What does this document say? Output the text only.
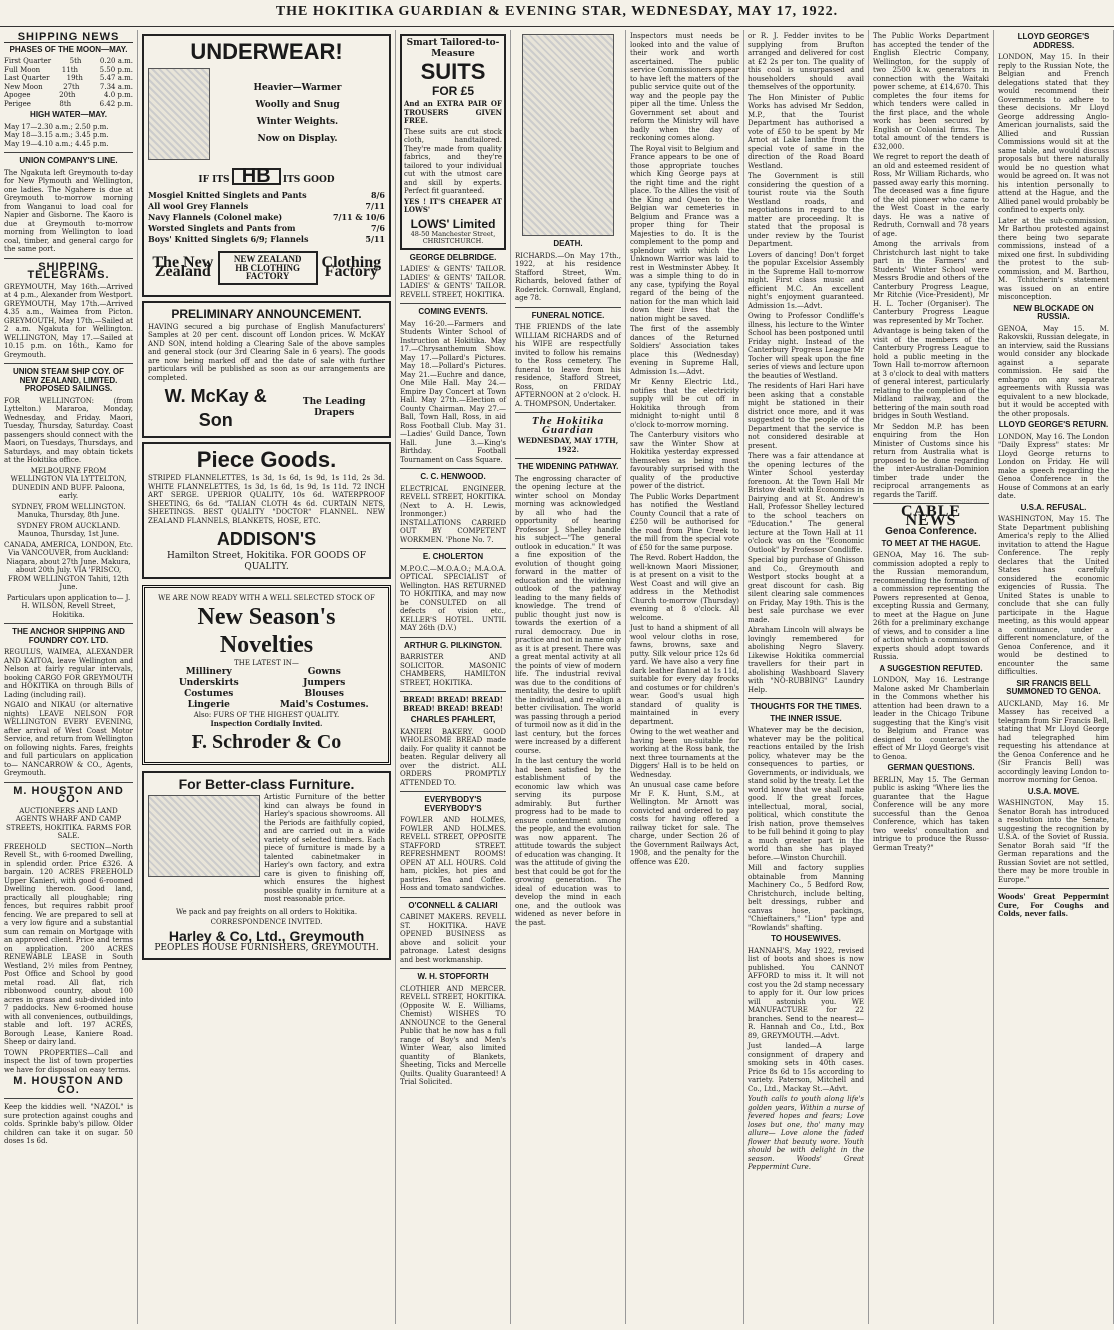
THE HOKITIKA GUARDIAN & EVENING STAR, WEDNESDAY, MAY 17, 1922.
SHIPPING NEWS
PHASES OF THE MOON—MAY.
First Quarter	5th	0.20 a.m.
Full Moon	11th	5.50 p.m.
Last Quarter 19th 5.47 a.m.
New Moon	27th	7.34 a.m.
Apogee	20th	4.0 p.m.
Perigee	8th	6.42 p.m.
HIGH WATER—MAY.
May 17—2.30 a.m.; 2.50 p.m.
May 18—3.15 a.m.; 3.45 p.m.
May 19—4.10 a.m.; 4.45 p.m.
UNION COMPANY'S LINE.

The Ngakuta left Greymouth to-day for New Plymouth and Wellington, one ladies. The Ngahere is due at Greymouth to-morrow morning from Wanganui to load coal for Napier and Gisborne. The Kaoro is due at Greymouth to-morrow morning from Wellington to load coal, timber, and general cargo for the same port.

SHIPPING TELEGRAMS.

GREYMOUTH, May 16th.—Arrived at 4 p.m., Alexander from Westport. GREYMOUTH, May 17th.—Arrived 4.35 a.m., Waimea from Picton. GREYMOUTH, May 17th.—Sailed at 2 a.m. Ngakuta for Wellington. WELLINGTON, May 17.—Sailed at 10.15 p.m. on 16th., Kamo for Greymouth.

UNION STEAM SHIP COY. OF NEW ZEALAND, LIMITED. PROPOSED SAILINGS.

FOR WELLINGTON: (from Lyttelton.) Mararoa, Monday, Wednesday, and Friday. Maori, Tuesday, Thursday, Saturday. Coast passengers should connect with the Maori, on Tuesdays, Thursdays, and Saturdays, and may obtain tickets at the Hokitika office.

MELBOURNE FROM WELLINGTON VIA LYTTELTON, DUNEDIN AND BUFF. Paloona, early.

SYDNEY, FROM WELLINGTON. Manuka, Thursday, 8th June.

SYDNEY FROM AUCKLAND. Maunoa, Thursday, 1st June.

CANADA, AMERICA, LONDON, Etc. Via VANCOUVER, from Auckland: Niagara, about 27th June. Makura, about 20th July. VIA 'FRISCO, FROM WELLINGTON Tahiti, 12th June.

Particulars upon application to— J. H. WILSON, Revell Street, Hokitika.

THE ANCHOR SHIPPING AND FOUNDRY COY. LTD.

REGULUS, WAIMEA, ALEXANDER AND KAITOA, leave Wellington and Nelson at fairly regular intervals, booking CARGO FOR GREYMOUTH and HOKITIKA on through Bills of Lading (including rail).

NGAIO and NIKAU (or alternative nights) LEAVE NELSON FOR WELLINGTON EVERY EVENING, after arrival of West Coast Motor Service, and return from Wellington on following nights. Fares, freights and full particulars on application to— NANCARROW & CO., Agents, Greymouth.

M. HOUSTON AND CO.

AUCTIONEERS AND LAND AGENTS WHARF AND CAMP STREETS, HOKITIKA. FARMS FOR SALE.

FREEHOLD SECTION—North Revell St., with 6-roomed Dwelling, in splendid order. Price £326. A bargain. 120 ACRES FREEHOLD Upper Kanieri, with good 6-roomed Dwelling thereon. Good land, practically all ploughable; ring fences, but requires rabbit proof fencing. We are prepared to sell at a very low figure and a substantial sum can remain on Mortgage with an approved client. Price and terms on application. 200 ACRES RENEWABLE LEASE in South Westland, 2½ miles from Pentney, Post Office and School by good metal road. All flat, rich ribbonwood country, about 100 acres in grass and sub-divided into 7 paddocks. New 6-roomed house with all conveniences, outbuildings, stable and loft. 197 ACRES, Borough Lease, Kaniere Road. Sheep or dairy land.

TOWN PROPERTIES—Call and inspect the list of town properties we have for disposal on easy terms.

M. HOUSTON AND CO.

Keep the kiddies well. "NAZOL" is sure protection against coughs and colds. Sprinkle baby's pillow. Older children can take it on sugar. 50 doses 1s 6d.

UNDERWEAR!
Heavier—Warmer
Woolly and Snug
Winter Weights.
Now on Display.
IF ITS HB ITS GOOD
Mosgiel Knitted Singlets and Pants	8/6
All wool Grey Flannels	7/11
Navy Flannels (Colonel make)	7/11 & 10/6
Worsted Singlets and Pants from	7/6
Boys' Knitted Singlets 6/9; Flannels	5/11
The New Zealand
NEW ZEALAND HB CLOTHING FACTORY
Clothing Factory
PRELIMINARY ANNOUNCEMENT.

HAVING secured a big purchase of English Manufacturers' Samples at 20 per cent. discount off London prices. W. McKAY AND SON, intend holding a Clearing Sale of the above samples and general stock (our 3rd Clearing Sale in 6 years). The goods are now being marked off and the date of sale with further particulars will be published as soon as our arrangements are completed.

W. McKay & Son
The Leading Drapers
Piece Goods.

STRIPED FLANNELETTES, 1s 3d, 1s 6d, 1s 9d, 1s 11d, 2s 3d. WHITE FLANNELETTES, 1s 3d, 1s 6d, 1s 9d, 1s 11d. 72 INCH ART SERGE. UPERIOR QUALITY, 10s 6d. WATERPROOF SHEETING, 6s 6d. "TALIAN CLOTH 4s 6d. CURTAIN NETS, SHEETINGS. BEST QUALITY "DOCTOR" FLANNEL. NEW ZEALAND FLANNELS, BLANKETS, HOSE, ETC.

ADDISON'S
Hamilton Street, Hokitika. FOR GOODS OF QUALITY.
WE ARE NOW READY WITH A WELL SELECTED STOCK OF
New Season's Novelties
THE LATEST IN—
Millinery	Gowns
Underskirts	Jumpers
Costumes	Blouses
Lingerie	Maid's Costumes.
Also: FURS OF THE HIGHEST QUALITY.
Inspection Cordially Invited.
F. Schroder & Co
For Better-class Furniture.

Artistic Furniture of the better kind can always be found in Harley's spacious showrooms. All the Periods are faithfully copied, and are carried out in a wide variety of selected timbers. Each piece of furniture is made by a talented cabinetmaker in Harley's own factory, and extra care is given to finishing off, which ensures the highest possible quality in furniture at a most reasonable price.

We pack and pay freights on all orders to Hokitika.

CORRESPONDENCE INVITED.

Harley & Co, Ltd., Greymouth
PEOPLES HOUSE FURNISHERS, GREYMOUTH.
Smart Tailored-to-Measure
SUITS
FOR £5

And an EXTRA PAIR OF TROUSERS GIVEN FREE.

These suits are cut stock cloth, handtailored. They're made from quality fabrics, and they're tailored to your individual cut with the utmost care and skill by experts. Perfect fit guaranteed.

YES ! IT'S CHEAPER AT LOWS'

LOWS' Limited
48-50 Manchester Street, CHRISTCHURCH.
GEORGE DELBRIDGE.

LADIES' & GENTS' TAILOR. LADIES' & GENTS' TAILOR. LADIES' & GENTS' TAILOR. REVELL STREET, HOKITIKA.

COMING EVENTS.

May 16-20.—Farmers and Students Winter School of Instruction at Hokitika. May 17.—Chrysanthemum Show. May 17.—Pollard's Pictures. May 18.—Pollard's Pictures. May 21.—Euchre and dance, One Mile Hall. May 24.—Empire Day Concert at Town Hall. May 27th.—Election of County Chairman. May 27.—Ball, Town Hall, Ross, in aid Ross Football Club. May 31.—Ladies' Guild Dance, Town Hall. June 3.—King's Birthday. Football Tournament on Cass Square.

C. C. HENWOOD.

ELECTRICAL ENGINEER. REVELL STREET, HOKITIKA. (Next to A. H. Lewis, Ironmonger.) INSTALLATIONS CARRIED OUT BY COMPETENT WORKMEN. 'Phone No. 7.

E. CHOLERTON

M.P.O.C.—M.O.A.O.; M.A.O.A. OPTICAL SPECIALIST of Wellington. HAS RETURNED TO HOKITIKA, and may now be CONSULTED on all defects of vision etc., KELLER'S HOTEL. UNTIL MAY 26th (D.V.)

ARTHUR G. PILKINGTON.

BARRISTER AND SOLICITOR. MASONIC CHAMBERS, HAMILTON STREET, HOKITIKA.

BREAD! BREAD! BREAD! BREAD! BREAD! BREAD!

CHARLES PFAHLERT,

KANIERI BAKERY. GOOD WHOLESOME BREAD made daily. For quality it cannot be beaten. Regular delivery all over the district. ALL ORDERS PROMPTLY ATTENDED TO.

EVERYBODY'S EVERYBODY'S

FOWLER AND HOLMES, FOWLER AND HOLMES. REVELL STREET, OPPOSITE STAFFORD STREET. REFRESHMENT ROOMS! OPEN AT ALL HOURS. Cold ham, pickles, hot pies and pastries. Tea and Coffee. Hoss and tomato sandwiches.

O'CONNELL & CALIARI

CABINET MAKERS. REVELL ST. HOKITIKA. HAVE OPENED BUSINESS as above and solicit your patronage. Latest designs and best workmanship.

W. H. STOPFORTH

CLOTHIER AND MERCER. REVELL STREET, HOKITIKA. (Opposite W. E. Williams, Chemist) WISHES TO ANNOUNCE to the General Public that he now has a full range of Boy's and Men's Winter Wear, also limited quantity of Blankets, Sheeting, Ticks and Mercelle Quilts. Quality Guaranteed! A Trial Solicited.

DEATH.

RICHARDS.—On May 17th., 1922, at his residence Stafford Street, Wm. Richards, beloved father of Roderick. Cornwall, England, age 78.

FUNERAL NOTICE.

THE FRIENDS of the late WILLIAM RICHARDS and of his WIFE are respectfully invited to follow his remains to the Ross cemetery. The funeral to leave from his residence, Stafford Street, Ross, on FRIDAY AFTERNOON at 2 o'clock. H. A. THOMPSON, Undertaker.

The Hokitika Guardian

WEDNESDAY, MAY 17TH, 1922.

THE WIDENING PATHWAY.

The engrossing character of the opening lecture at the winter school on Monday morning was acknowledged by all who had the opportunity of hearing Professor J. Shelley handle his subject—"The general outlook in education." It was a fine exposition of the evolution of thought going forward in the matter of education and the widening outlook of the pathway leading to the many fields of knowledge. The trend of public thought just now is towards the exertion of a rural democracy. Due in practice and not in name only as it is at present. There was a great mental activity at all the points of view of modern life. The industrial revival was due to the conditions of mentality, the desire to uplift the individual, and re-align a better civilisation. The world was passing through a period of turmoil now as it did in the last century, but the forces were increased by a different course.

In the last century the world had been satisfied by the establishment of the economic law which was serving its purpose admirably. But further progress had to be made to ensure contentment among the people, and the evolution was now apparent. The attitude towards the subject of education was changing. It was the attitude of giving the best that could be got for the growing generation. The ideal of education was to develop the mind in each one, and the outlook was widened as never before in the past.

Inspectors must needs be looked into and the value of their work and worth ascertained. The public service Commissioners appear to have left the matters of the public service quite out of the way and the people pay the piper all the time. Unless the Government set about and reform the Ministry will have badly when the day of reckoning comes along.

The Royal visit to Belgium and France appears to be one of those appropriate touches which King George pays at the right time and the right place. To the Allies the visit of the King and Queen to the Belgian war cemeteries in Belgium and France was a proper thing for Their Majesties to do. It is the complement to the pomp and splendour with which the Unknown Warrior was laid to rest in Westminster Abbey. It was a simple thing to do in any case, typifying the Royal regard of the being of the nation for the man which laid down their lives that the nation might be saved.

The first of the assembly dances of the Returned Soldiers' Association takes place this (Wednesday) evening in Supreme Hall, Admission 1s.—Advt.

Mr Kenny Electric Ltd., notifies that the electricity supply will be cut off in Hokitika through from midnight to-night until 8 o'clock to-morrow morning.

The Canterbury visitors who saw the Winter Show at Hokitika yesterday expressed themselves as being most favourably surprised with the quality of the productive power of the district.

The Public Works Department has notified the Westland County Council that a rate of £250 will be authorised for the road from Pine Creek to the mill from the special vote of £50 for the same purpose.

The Revd. Robert Haddon, the well-known Maori Missioner, is at present on a visit to the West Coast and will give an address in the Methodist Church to-morrow (Thursday) evening at 8 o'clock. All welcome.

Just to hand a shipment of all wool velour cloths in rose, fawns, browns, saxe and putty. Silk velour price 12s 6d yard. We have also a very fine dark leather flannel at 1s 11d, suitable for every day frocks and costumes or for children's wear. Good's usual high standard of quality is maintained in every department.

Owing to the wet weather and having been un-suitable for working at the Ross bank, the next three tournaments at the Diggers' Hall is to be held on Wednesday.

An unusual case came before Mr F. K. Hunt, S.M., at Wellington. Mr Arnott was convicted and ordered to pay costs for having offered a railway ticket for sale. The charge, under Section 26 of the Government Railways Act, 1908, and the penalty for the offence was £20.

or R. J. Fedder invites to be supplying from Brufton arranged and delivered for cost at £2 2s per ton. The quality of this coal is unsurpassed and householders should avail themselves of the opportunity.

The Hon Minister of Public Works has advised Mr Seddon, M.P., that the Tourist Department has authorised a vote of £50 to be spent by Mr Arnot at Lake Ianthe from the special vote of same in the direction of the Road Board Westland.

The Government is still considering the question of a tourist route via the South Westland roads, and negotiations in regard to the matter are proceeding. It is stated that the proposal is under review by the Tourist Department.

Lovers of dancing! Don't forget the popular Excelsior Assembly in the Supreme Hall to-morrow night. First class music and efficient M.C. An excellent night's enjoyment guaranteed. Admission 1s.—Advt.

Owing to Professor Condliffe's illness, his lecture to the Winter School has been postponed until Friday night. Instead of the Canterbury Progress League Mr Tocher will speak upon the fine series of views and lecture upon the beauties of Westland.

The residents of Hari Hari have been asking that a constable might be stationed in their district once more, and it was suggested to the people of the Department that the service is not considered desirable at present.

There was a fair attendance at the opening lectures of the Winter School yesterday forenoon. At the Town Hall Mr Bristow dealt with Economics in Dairying and at St. Andrew's Hall, Professor Shelley lectured to the school teachers on "Education." The general lecture at the Town Hall at 11 o'clock was on the "Economic Outlook" by Professor Condliffe.

Special big purchase of Ghisson and Co., Greymouth and Westport stocks bought at a great discount for cash. Big silent clearing sale commences on Friday, May 19th. This is the best sale purchase we ever made.

Abraham Lincoln will always be lovingly remembered for abolishing Negro Slavery. Likewise Hokitika commercial travellers for their part in abolishing Washboard Slavery with "NO-RUBBING" Laundry Help.

THOUGHTS FOR THE TIMES.
THE INNER ISSUE.

Whatever may be the decision, whatever may be the political reactions entailed by the Irish policy, whatever may be the consequences to parties, or Governments, or individuals, we stand solid by the treaty. Let the world know that we shall make good. If the great forces, intellectual, moral, social, political, which constitute the Irish nation, prove themselves to be full behind it going to play a much greater part in the world than she has played before.—Winston Churchill.

Mill and factory supplies obtainable from Manning Machinery Co., 5 Bedford Row, Christchurch, include belting, belt dressings, rubber and canvas hose, packings, "Chieftainers," "Lion" type and "Rowlands" shafting.

TO HOUSEWIVES.

HANNAH'S, May 1922, revised list of boots and shoes is now published. You CANNOT AFFORD to miss it. It will not cost you the 2d stamp necessary to apply for it. Our low prices will astonish you. WE MANUFACTURE for 22 branches. Send to the nearest—R. Hannah and Co., Ltd., Box 89, GREYMOUTH.—Advt.

Just landed—A large consignment of drapery and smoking sets in 40th cases. Price 8s 6d to 15s according to variety. Paterson, Mitchell and Co., Ltd., Mackay St.—Advt.

Youth calls to youth along life's golden years, Within a nurse of fevered hopes and fears; Love loses but one, tho' many may allure— Love alone the faded flower that beauty wore. Youth should be with delight in the season. Woods' Great Peppermint Cure.

The Public Works Department has accepted the tender of the English Electric Company, Wellington, for the supply of two 2500 k.w. generators in connection with the Waitaki power scheme, at £14,670. This completes the four items for which tenders were called in the first place, and the whole work has been secured by English or Colonial firms. The total amount of the tenders is £32,000.

We regret to report the death of an old and esteemed resident of Ross, Mr William Richards, who passed away early this morning. The deceased was a fine figure of the old pioneer who came to the West Coast in the early days. He was a native of Redruth, Cornwall and 78 years of age.

Among the arrivals from Christchurch last night to take part in the Farmers' and Students' Winter School were Messrs Brodie and others of the Canterbury Progress League, Mr Ritchie (Vice-President), Mr H. L. Tocher (Organiser). The Canterbury Progress League was represented by Mr Tocher.

Advantage is being taken of the visit of the members of the Canterbury Progress League to hold a public meeting in the Town Hall to-morrow afternoon at 3 o'clock to deal with matters of general interest, particularly relating to the completion of the Midland railway, and the bettering of the main south road bridges in South Westland.

Mr Seddon M.P. has been enquiring from the Hon Minister of Customs since his return from Australia what is proposed to be done regarding the inter-Australian-Dominion timber trade under the reciprocal arrangements as regards the Tariff.

CABLE NEWS
Genoa Conference.
TO MEET AT THE HAGUE.

GENOA, May 16. The sub-commission adopted a reply to the Russian memorandum, recommending the formation of a commission representing the Powers represented at Genoa, excepting Russia and Germany, to meet at the Hague on June 26th for a preliminary exchange of views, and to consider a line of action which a commission of experts should adopt towards Russia.

A SUGGESTION REFUTED.

LONDON, May 16. Lestrange Malone asked Mr Chamberlain in the Commons whether his attention had been drawn to a leader in the Chicago Tribune suggesting that the King's visit to Belgium and France was designed to counteract the effect of Mr Lloyd George's visit to Genoa.

GERMAN QUESTIONS.

BERLIN, May 15. The German public is asking "Where lies the guarantee that the Hague Conference will be any more successful than the Genoa Conference, which has taken two weeks' consultation and intrigue to produce the Russo-German Treaty?"

LLOYD GEORGE'S ADDRESS.

LONDON, May 15. In their reply to the Russian Note, the Belgian and French delegations stated that they would recommend their Governments to adhere to these decisions. Mr Lloyd George addressing Anglo-American journalists, said the Allied and Russian Commissions would sit at the same table, and would discuss proposals but there naturally would be no question what would be agreed on. It was not his intention personally to attend at the Hague, and the Allied panel would probably be confined to experts only.

Later at the sub-commission, Mr Barthou protested against there being two separate commissions, instead of a mixed one first. In subdividing the protest to the sub-commission, and M. Barthou, M. Tchitcherin's statement was issued on an entire misconception.

NEW BLOCKADE ON RUSSIA.

GENOA, May 15. M. Rakovskii, Russian delegate, in an interview, said the Russians would consider any blockade against a separate commission. He said the embargo on any separate agreements with Russia was equivalent to a new blockade, but it would be accepted with the other proposals.

LLOYD GEORGE'S RETURN.

LONDON, May 16. The London "Daily Express" states: Mr Lloyd George returns to London on Friday. He will make a speech regarding the Genoa Conference in the House of Commons at an early date.

U.S.A. REFUSAL.

WASHINGTON, May 15. The State Department publishing America's reply to the Allied invitation to attend the Hague Conference. The reply declares that the United States has carefully considered the economic exigencies of Russia. The United States is unable to conclude that she can fully participate in the Hague meeting, as this would appear a continuance, under a different nomenclature, of the Genoa Conference, and it would be destined to encounter the same difficulties.

SIR FRANCIS BELL SUMMONED TO GENOA.

AUCKLAND, May 16. Mr Massey has received a telegram from Sir Francis Bell, stating that Mr Lloyd George had telegraphed him requesting his attendance at the Genoa Conference and he (Sir Francis Bell) was accordingly leaving London to-morrow morning for Genoa.

U.S.A. MOVE.

WASHINGTON, May 15. Senator Borah has introduced a resolution into the Senate, suggesting the recognition by U.S.A. of the Soviet of Russia. Senator Borah said "If the German reparations and the Russian Soviet are not settled, there may be more trouble in Europe."

Woods' Great Peppermint Cure, For Coughs and Colds, never fails.
